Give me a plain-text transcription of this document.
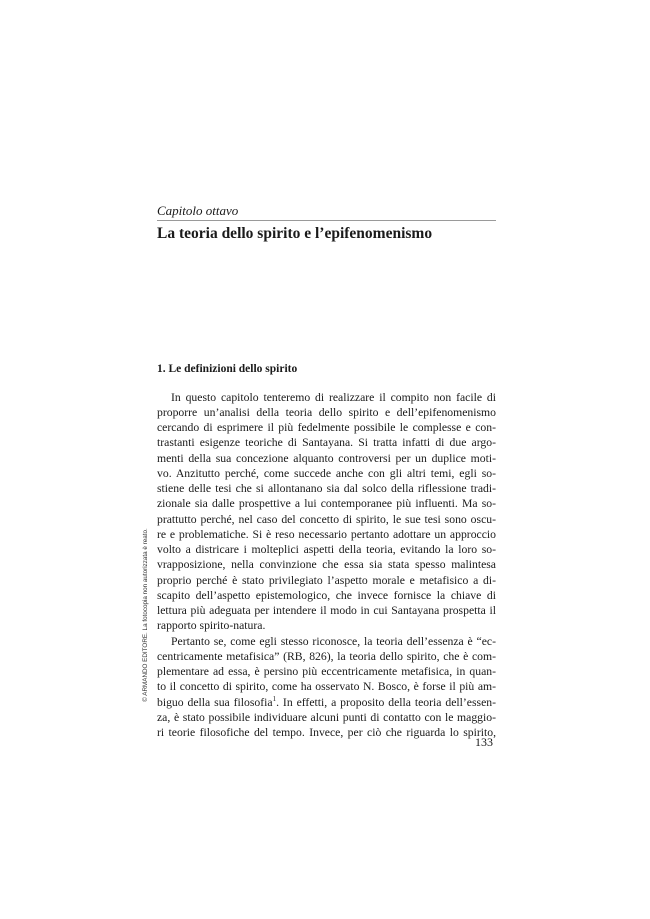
Capitolo ottavo
La teoria dello spirito e l’epifenomenismo
1. Le definizioni dello spirito
In questo capitolo tenteremo di realizzare il compito non facile di
proporre un’analisi della teoria dello spirito e dell’epifenomenismo
cercando di esprimere il più fedelmente possibile le complesse e con-
trastanti esigenze teoriche di Santayana. Si tratta infatti di due argo-
menti della sua concezione alquanto controversi per un duplice moti-
vo. Anzitutto perché, come succede anche con gli altri temi, egli so-
stiene delle tesi che si allontanano sia dal solco della riflessione tradi-
zionale sia dalle prospettive a lui contemporanee più influenti. Ma so-
prattutto perché, nel caso del concetto di spirito, le sue tesi sono oscu-
re e problematiche. Si è reso necessario pertanto adottare un approccio
volto a districare i molteplici aspetti della teoria, evitando la loro so-
vrapposizione, nella convinzione che essa sia stata spesso malintesa
proprio perché è stato privilegiato l’aspetto morale e metafisico a di-
scapito dell’aspetto epistemologico, che invece fornisce la chiave di
lettura più adeguata per intendere il modo in cui Santayana prospetta il
rapporto spirito-natura.
Pertanto se, come egli stesso riconosce, la teoria dell’essenza è “ec-
centricamente metafisica” (RB, 826), la teoria dello spirito, che è com-
plementare ad essa, è persino più eccentricamente metafisica, in quan-
to il concetto di spirito, come ha osservato N. Bosco, è forse il più am-
biguo della sua filosofia$^1$. In effetti, a proposito della teoria dell’essen-
za, è stato possibile individuare alcuni punti di contatto con le maggio-
ri teorie filosofiche del tempo. Invece, per ciò che riguarda lo spirito,
133
© ARMANDO EDITORE. La fotocopia non autorizzata è reato.
